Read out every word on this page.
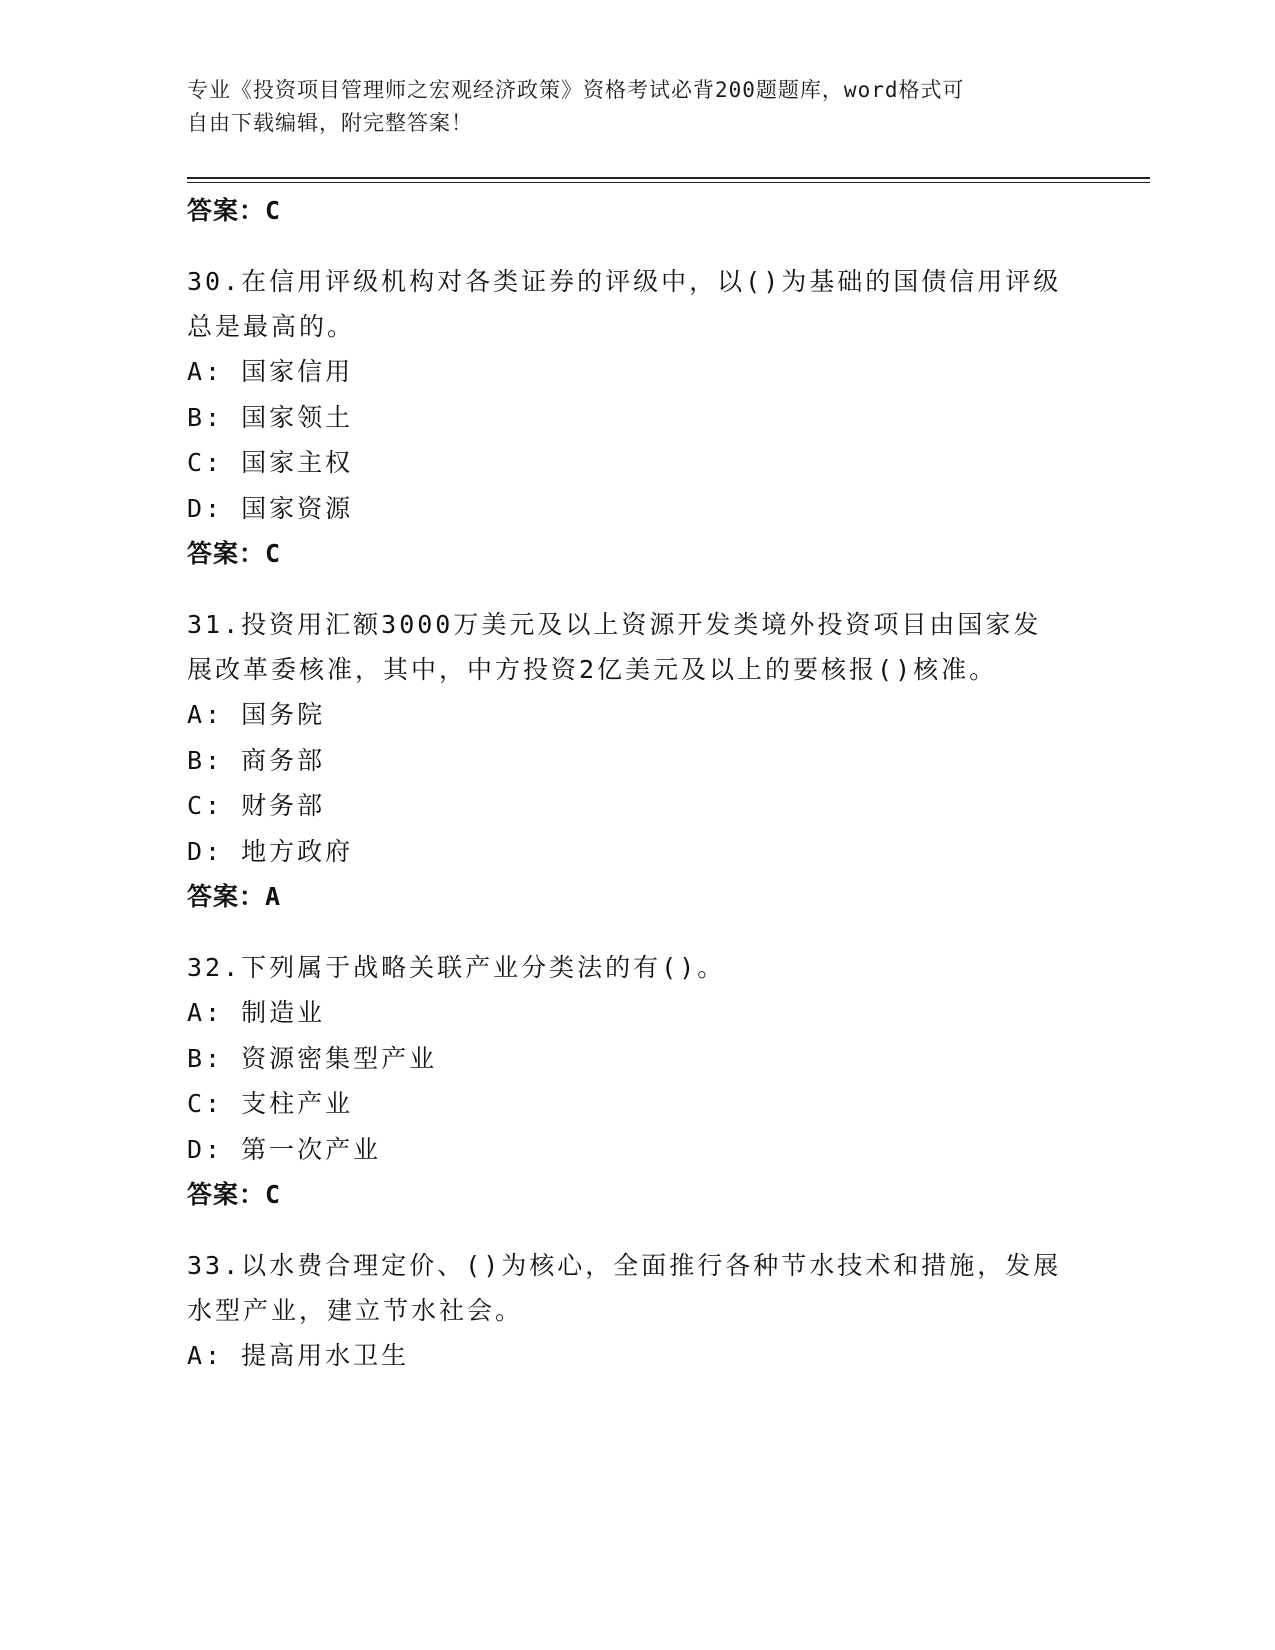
专业《投资项目管理师之宏观经济政策》资格考试必背200题题库，word格式可
自由下载编辑，附完整答案！

答案：C

30.在信用评级机构对各类证券的评级中，以()为基础的国债信用评级

总是最高的。

A: 国家信用

B: 国家领土

C: 国家主权

D: 国家资源

答案：C

31.投资用汇额3000万美元及以上资源开发类境外投资项目由国家发

展改革委核准，其中，中方投资2亿美元及以上的要核报()核准。

A: 国务院

B: 商务部

C: 财务部

D: 地方政府

答案：A

32.下列属于战略关联产业分类法的有()。

A: 制造业

B: 资源密集型产业

C: 支柱产业

D: 第一次产业

答案：C

33.以水费合理定价、()为核心，全面推行各种节水技术和措施，发展

水型产业，建立节水社会。

A: 提高用水卫生
